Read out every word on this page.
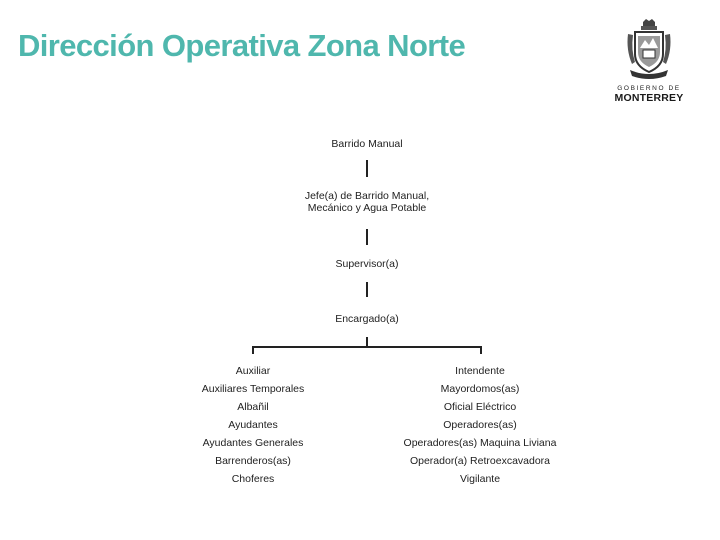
Dirección Operativa Zona Norte
GOBIERNO DE
MONTERREY
Barrido Manual
Jefe(a) de Barrido Manual,
Mecánico y Agua Potable
Supervisor(a)
Encargado(a)
Auxiliar
Auxiliares Temporales
Albañil
Ayudantes
Ayudantes Generales
Barrenderos(as)
Choferes
Intendente
Mayordomos(as)
Oficial Eléctrico
Operadores(as)
Operadores(as) Maquina Liviana
Operador(a) Retroexcavadora
Vigilante
